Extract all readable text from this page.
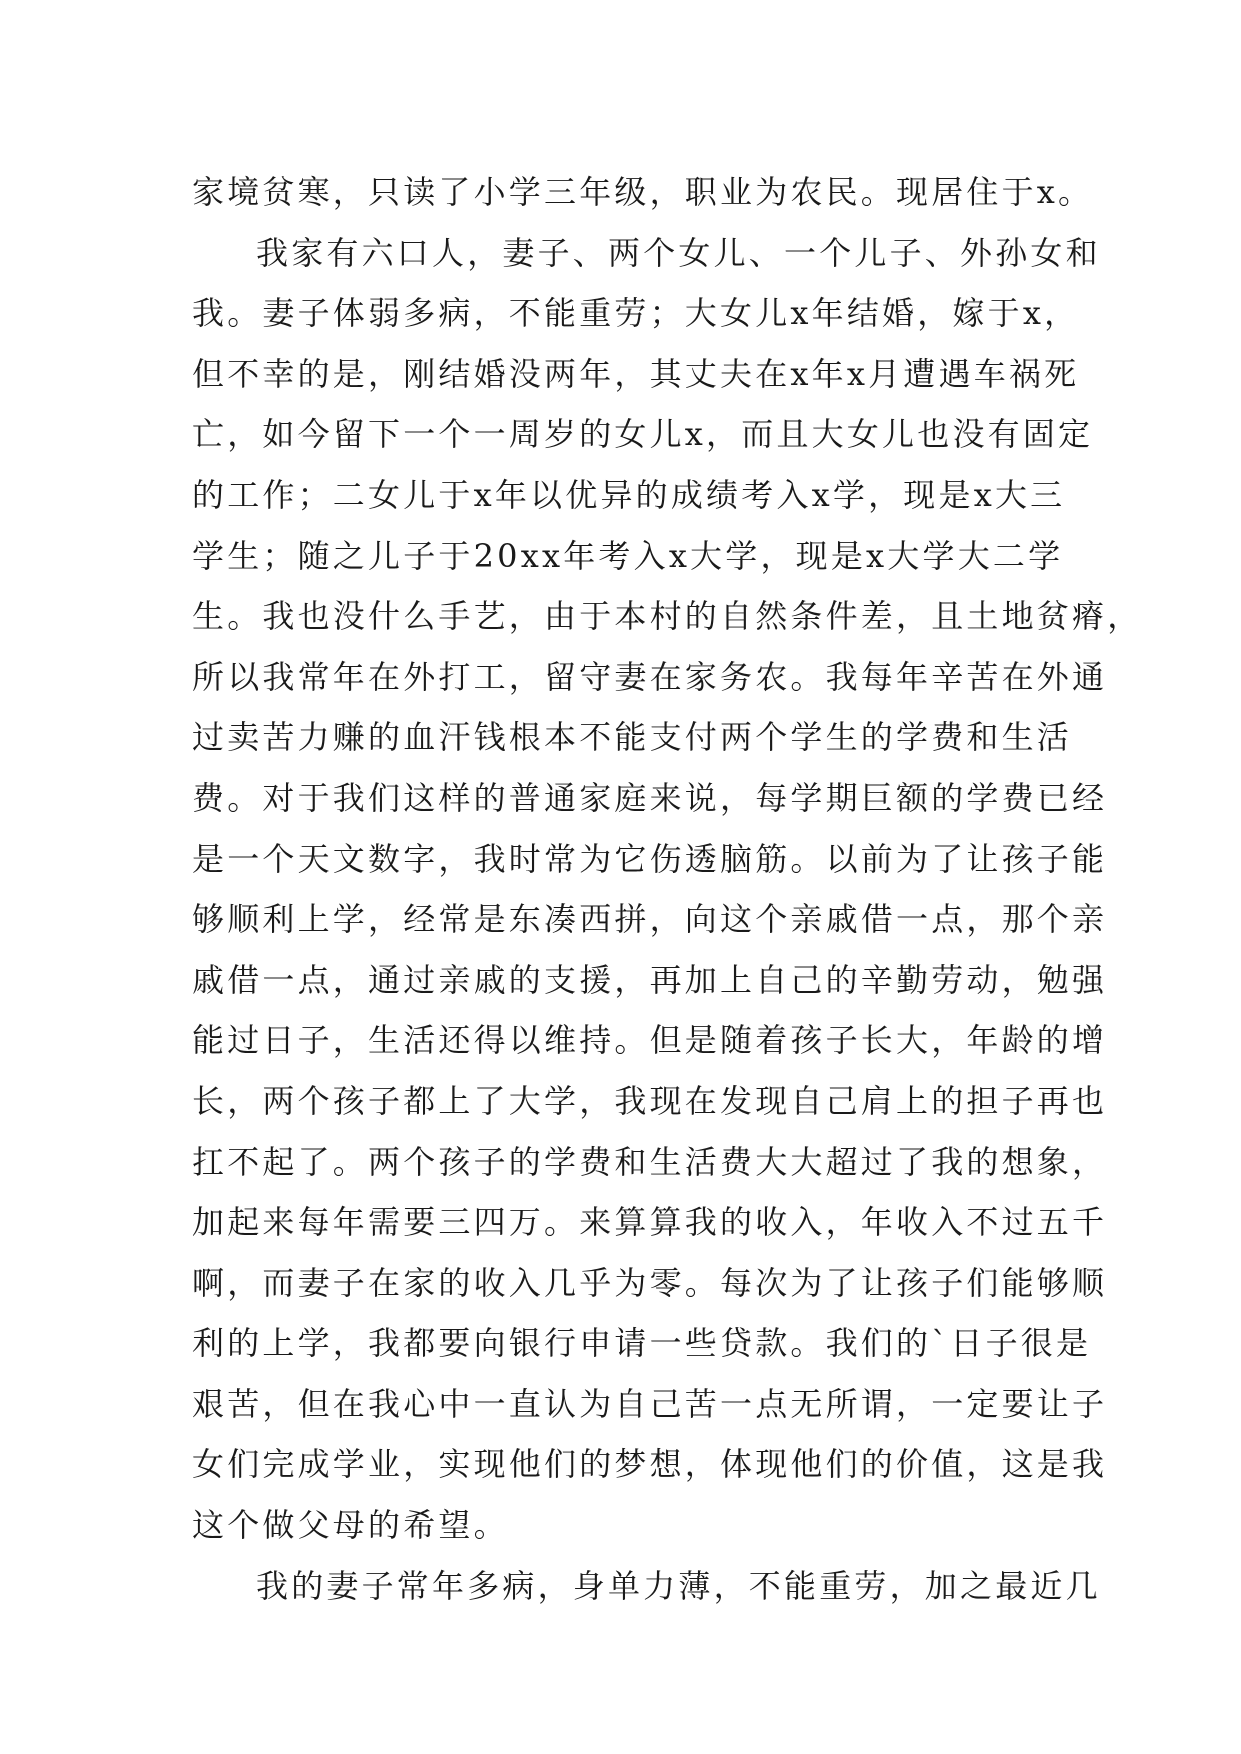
家境贫寒，只读了小学三年级，职业为农民。现居住于x。
我家有六口人，妻子、两个女儿、一个儿子、外孙女和
我。妻子体弱多病，不能重劳；大女儿x年结婚，嫁于x，
但不幸的是，刚结婚没两年，其丈夫在x年x月遭遇车祸死
亡，如今留下一个一周岁的女儿x，而且大女儿也没有固定
的工作；二女儿于x年以优异的成绩考入x学，现是x大三
学生；随之儿子于20xx年考入x大学，现是x大学大二学
生。我也没什么手艺，由于本村的自然条件差，且土地贫瘠，
所以我常年在外打工，留守妻在家务农。我每年辛苦在外通
过卖苦力赚的血汗钱根本不能支付两个学生的学费和生活
费。对于我们这样的普通家庭来说，每学期巨额的学费已经
是一个天文数字，我时常为它伤透脑筋。以前为了让孩子能
够顺利上学，经常是东凑西拼，向这个亲戚借一点，那个亲
戚借一点，通过亲戚的支援，再加上自己的辛勤劳动，勉强
能过日子，生活还得以维持。但是随着孩子长大，年龄的增
长，两个孩子都上了大学，我现在发现自己肩上的担子再也
扛不起了。两个孩子的学费和生活费大大超过了我的想象，
加起来每年需要三四万。来算算我的收入，年收入不过五千
啊，而妻子在家的收入几乎为零。每次为了让孩子们能够顺
利的上学，我都要向银行申请一些贷款。我们的`日子很是
艰苦，但在我心中一直认为自己苦一点无所谓，一定要让子
女们完成学业，实现他们的梦想，体现他们的价值，这是我
这个做父母的希望。
我的妻子常年多病，身单力薄，不能重劳，加之最近几
